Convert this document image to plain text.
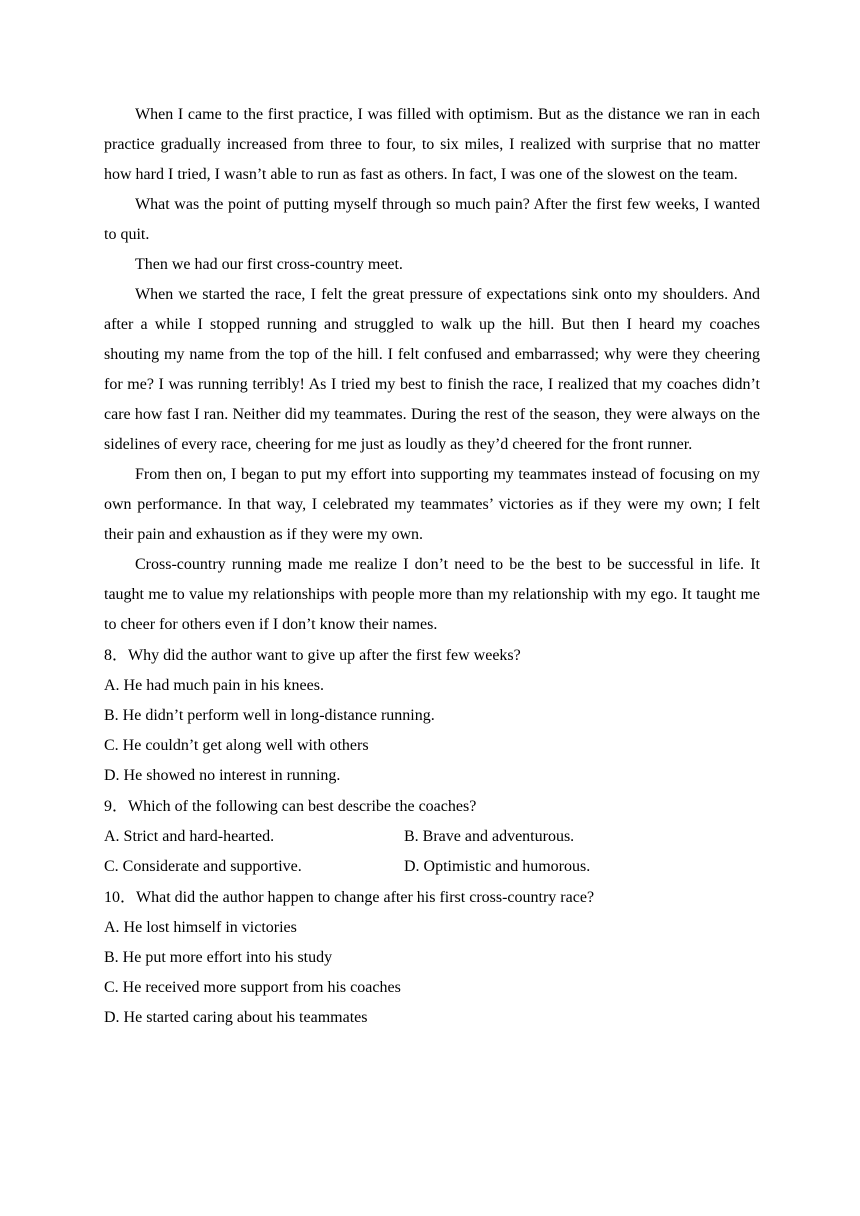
When I came to the first practice, I was filled with optimism. But as the distance we ran in each practice gradually increased from three to four, to six miles, I realized with surprise that no matter how hard I tried, I wasn’t able to run as fast as others. In fact, I was one of the slowest on the team.

What was the point of putting myself through so much pain? After the first few weeks, I wanted to quit.

Then we had our first cross-country meet.

When we started the race, I felt the great pressure of expectations sink onto my shoulders. And after a while I stopped running and struggled to walk up the hill. But then I heard my coaches shouting my name from the top of the hill. I felt confused and embarrassed; why were they cheering for me? I was running terribly! As I tried my best to finish the race, I realized that my coaches didn’t care how fast I ran. Neither did my teammates. During the rest of the season, they were always on the sidelines of every race, cheering for me just as loudly as they’d cheered for the front runner.

From then on, I began to put my effort into supporting my teammates instead of focusing on my own performance. In that way, I celebrated my teammates’ victories as if they were my own; I felt their pain and exhaustion as if they were my own.

Cross-country running made me realize I don’t need to be the best to be successful in life. It taught me to value my relationships with people more than my relationship with my ego. It taught me to cheer for others even if I don’t know their names.

8．Why did the author want to give up after the first few weeks?

A. He had much pain in his knees.

B. He didn’t perform well in long-distance running.

C. He couldn’t get along well with others

D. He showed no interest in running.

9．Which of the following can best describe the coaches?

A. Strict and hard-hearted.	B. Brave and adventurous.

C. Considerate and supportive.	D. Optimistic and humorous.

10．What did the author happen to change after his first cross-country race?

A. He lost himself in victories

B. He put more effort into his study

C. He received more support from his coaches

D. He started caring about his teammates
